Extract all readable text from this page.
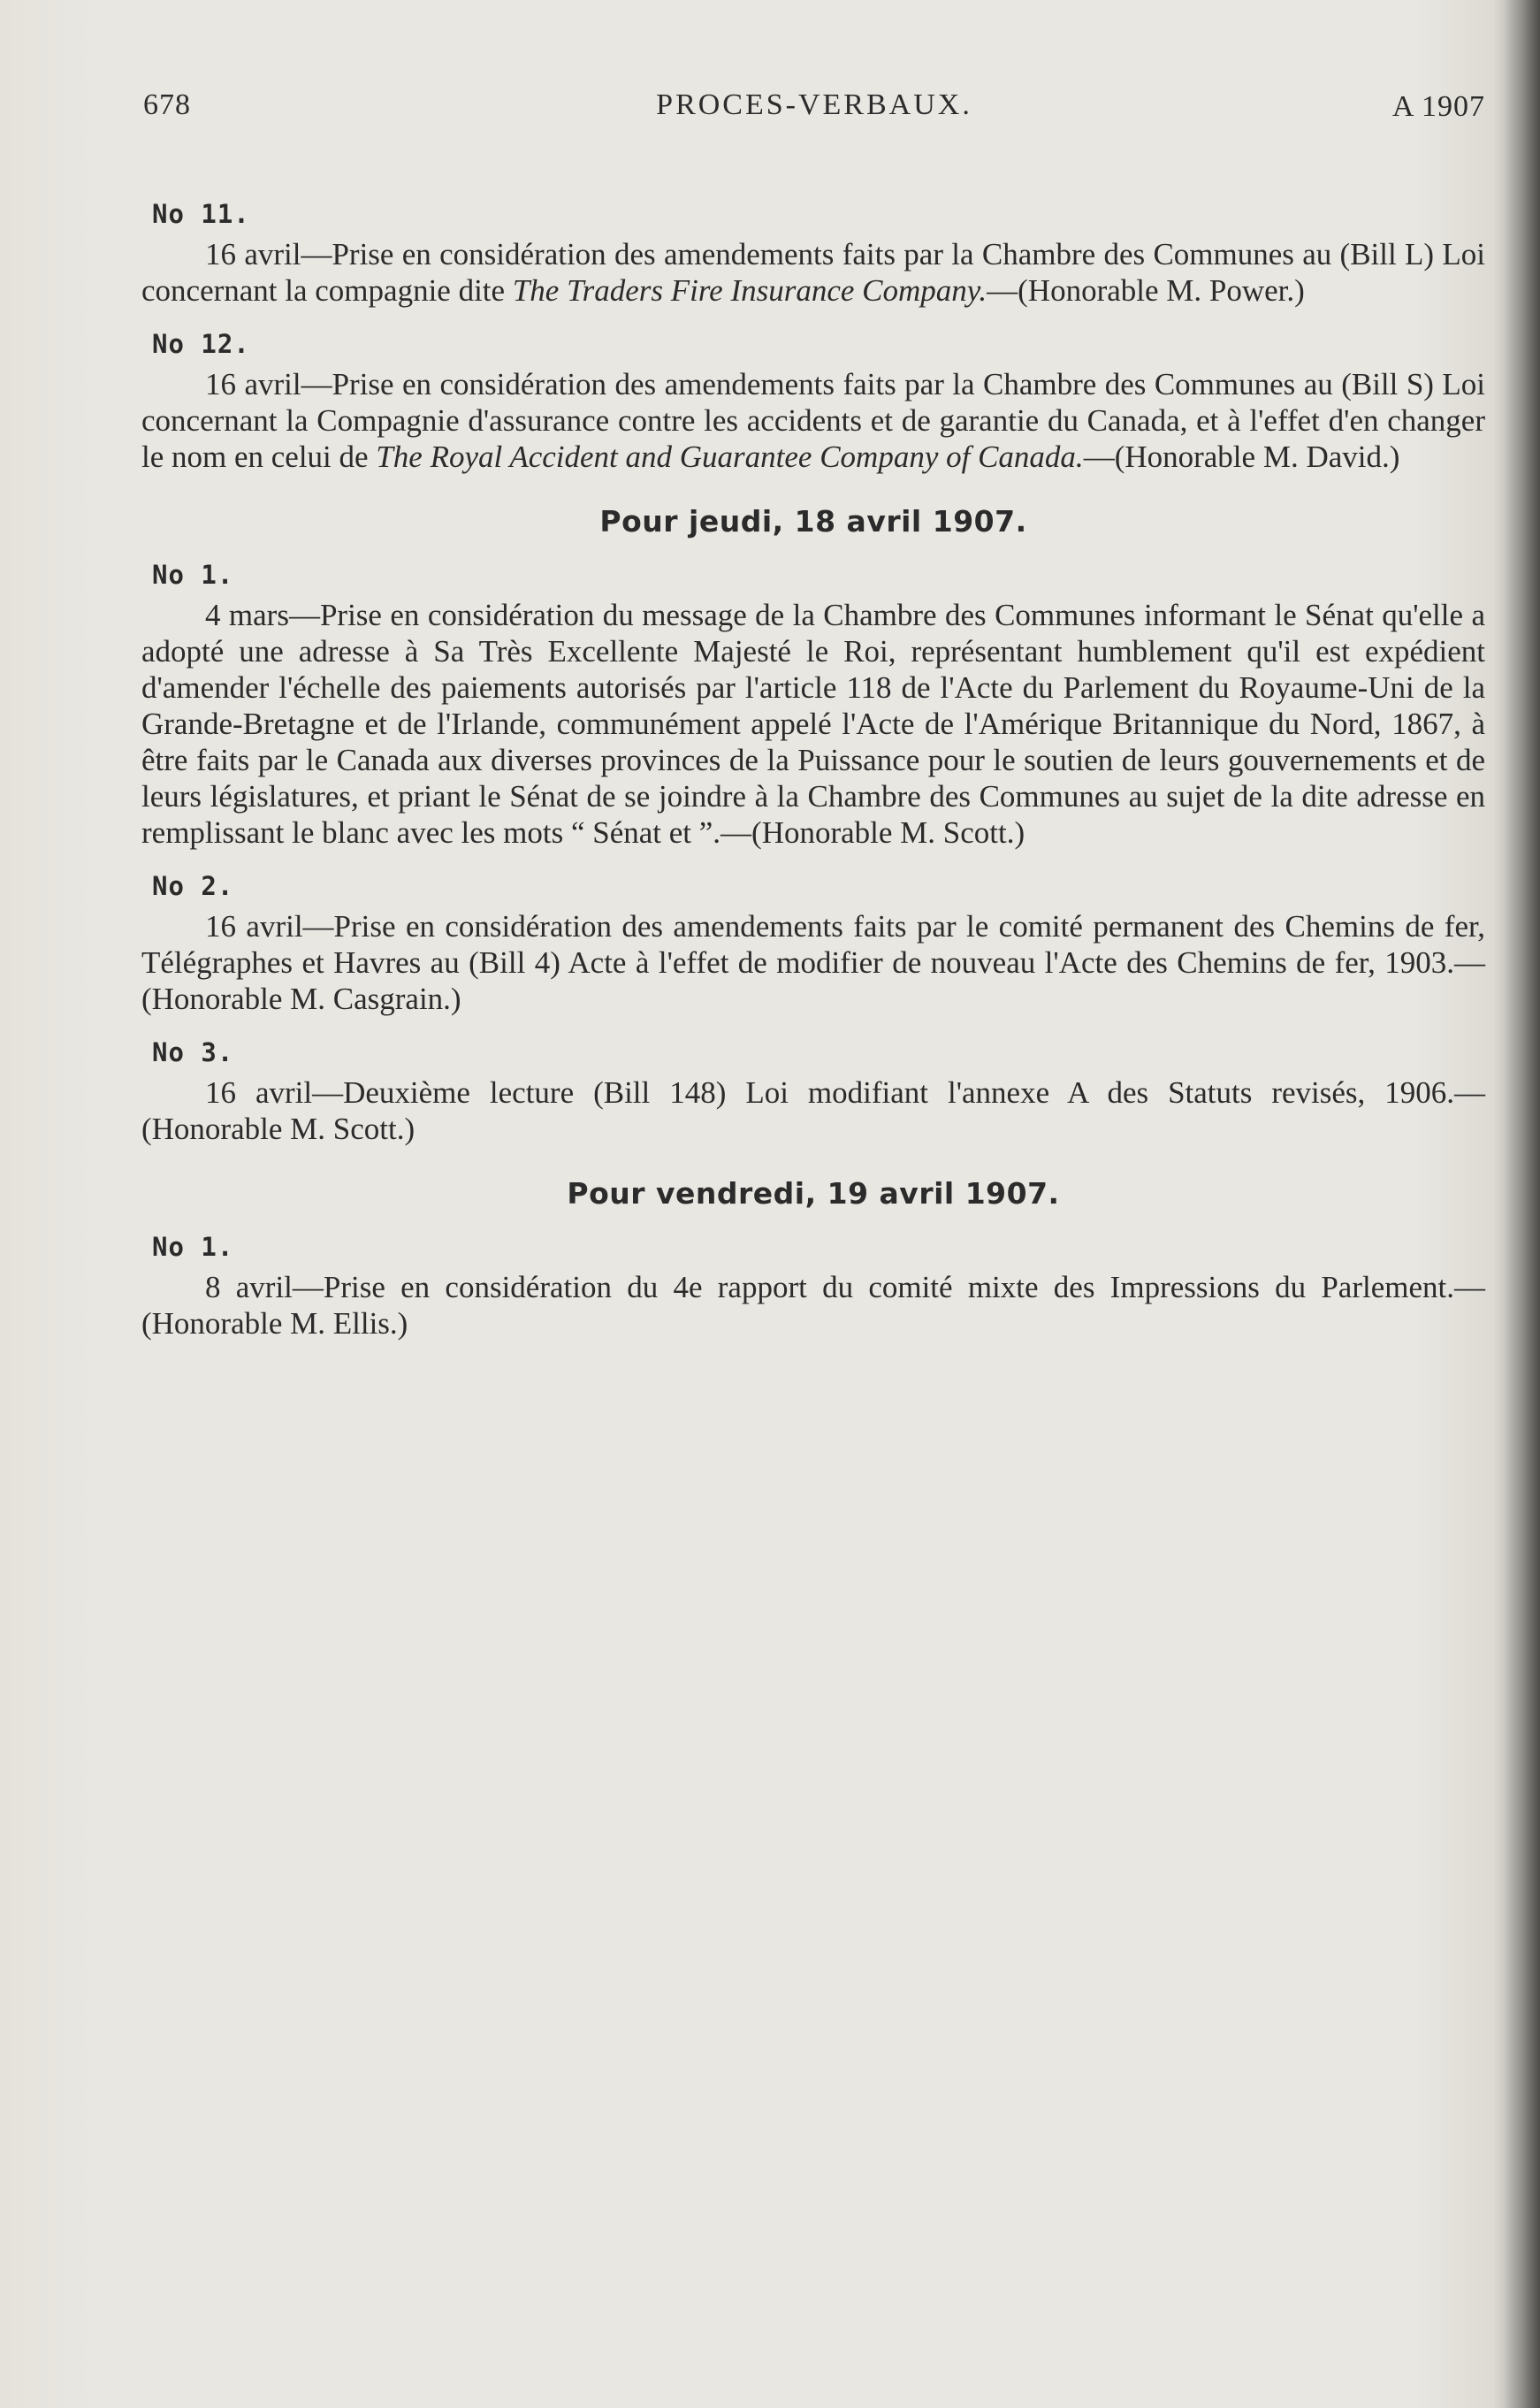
678	PROCES-VERBAUX.	A 1907
No 11.

16 avril—Prise en considération des amendements faits par la Chambre des Communes au (Bill L) Loi concernant la compagnie dite The Traders Fire Insurance Company.—(Honorable M. Power.)

No 12.

16 avril—Prise en considération des amendements faits par la Chambre des Communes au (Bill S) Loi concernant la Compagnie d'assurance contre les accidents et de garantie du Canada, et à l'effet d'en changer le nom en celui de The Royal Accident and Guarantee Company of Canada.—(Honorable M. David.)

Pour jeudi, 18 avril 1907.
No 1.

4 mars—Prise en considération du message de la Chambre des Communes informant le Sénat qu'elle a adopté une adresse à Sa Très Excellente Majesté le Roi, représentant humblement qu'il est expédient d'amender l'échelle des paiements autorisés par l'article 118 de l'Acte du Parlement du Royaume-Uni de la Grande-Bretagne et de l'Irlande, communément appelé l'Acte de l'Amérique Britannique du Nord, 1867, à être faits par le Canada aux diverses provinces de la Puissance pour le soutien de leurs gouvernements et de leurs législatures, et priant le Sénat de se joindre à la Chambre des Communes au sujet de la dite adresse en remplissant le blanc avec les mots “ Sénat et ”.—(Honorable M. Scott.)

No 2.

16 avril—Prise en considération des amendements faits par le comité permanent des Chemins de fer, Télégraphes et Havres au (Bill 4) Acte à l'effet de modifier de nouveau l'Acte des Chemins de fer, 1903.—(Honorable M. Casgrain.)

No 3.

16 avril—Deuxième lecture (Bill 148) Loi modifiant l'annexe A des Statuts revisés, 1906.—(Honorable M. Scott.)

Pour vendredi, 19 avril 1907.
No 1.

8 avril—Prise en considération du 4e rapport du comité mixte des Impressions du Parlement.—(Honorable M. Ellis.)
